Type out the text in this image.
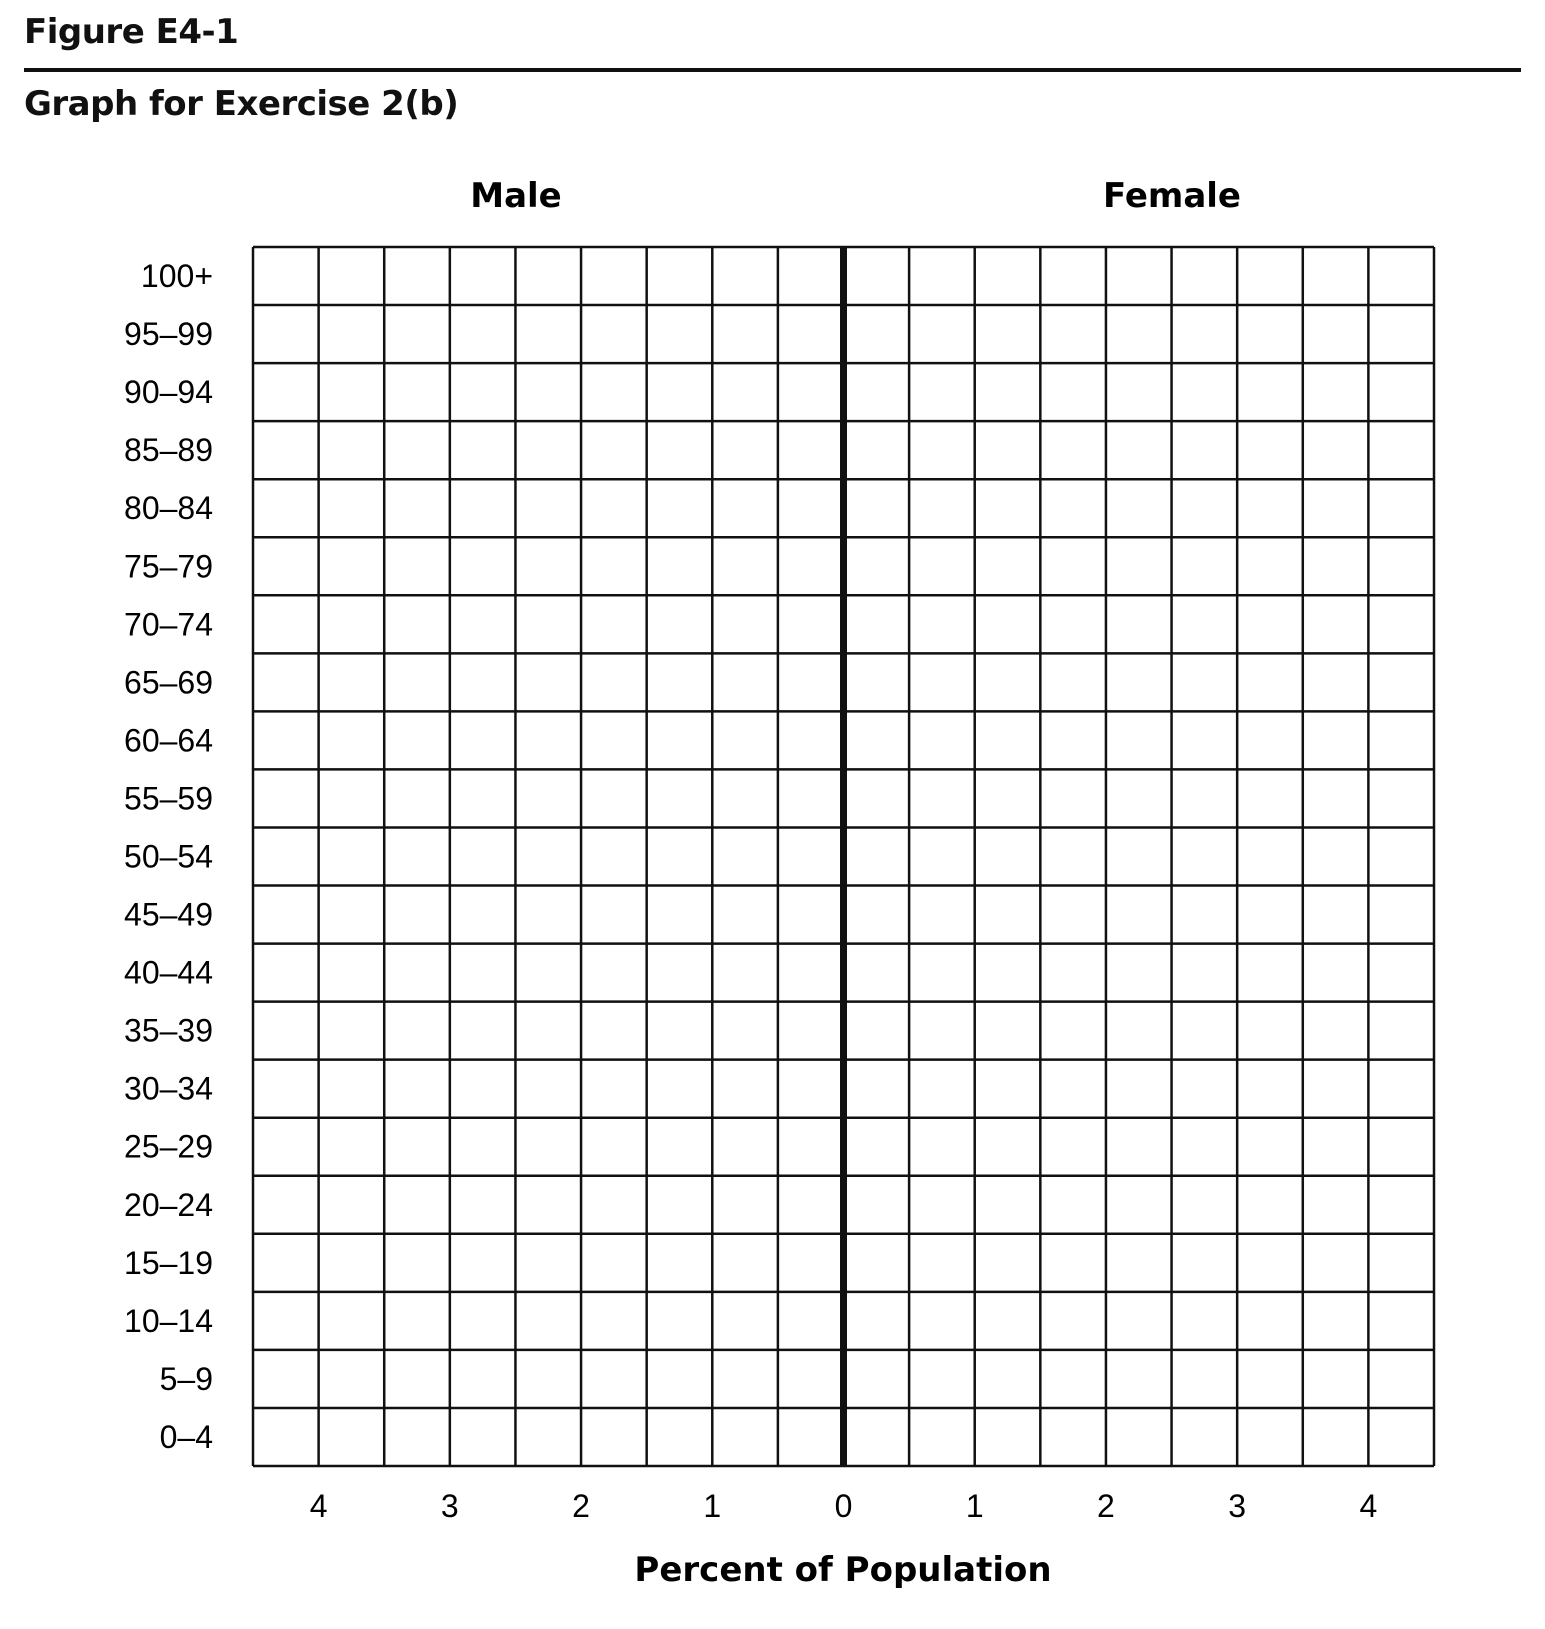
Figure E4-1
Graph for Exercise 2(b)
Male	Female
100+
95–99
90–94
85–89
80–84
75–79
70–74
65–69
60–64
55–59
50–54
45–49
40–44
35–39
30–34
25–29
20–24
15–19
10–14
5–9
0–4
4	3	2	1	0	1	2	3	4
Percent of Population
